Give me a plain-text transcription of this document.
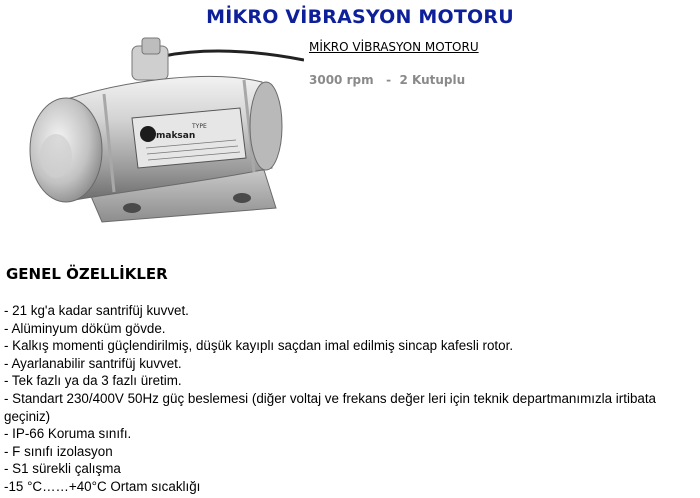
MİKRO VİBRASYON MOTORU
maksan
TYPE
MİKRO VİBRASYON MOTORU
3000 rpm   -  2 Kutuplu
GENEL ÖZELLİKLER
- 21 kg'a kadar santrifüj kuvvet.
- Alüminyum döküm gövde.
- Kalkış momenti güçlendirilmiş, düşük kayıplı saçdan imal edilmiş sincap kafesli rotor.
- Ayarlanabilir santrifüj kuvvet.
- Tek fazlı ya da 3 fazlı üretim.
- Standart 230/400V 50Hz güç beslemesi (diğer voltaj ve frekans değer leri için teknik departmanımızla irtibata
geçiniz)
- IP-66 Koruma sınıfı.
- F sınıfı izolasyon
- S1 sürekli çalışma
-15 °C……+40°C Ortam sıcaklığı
